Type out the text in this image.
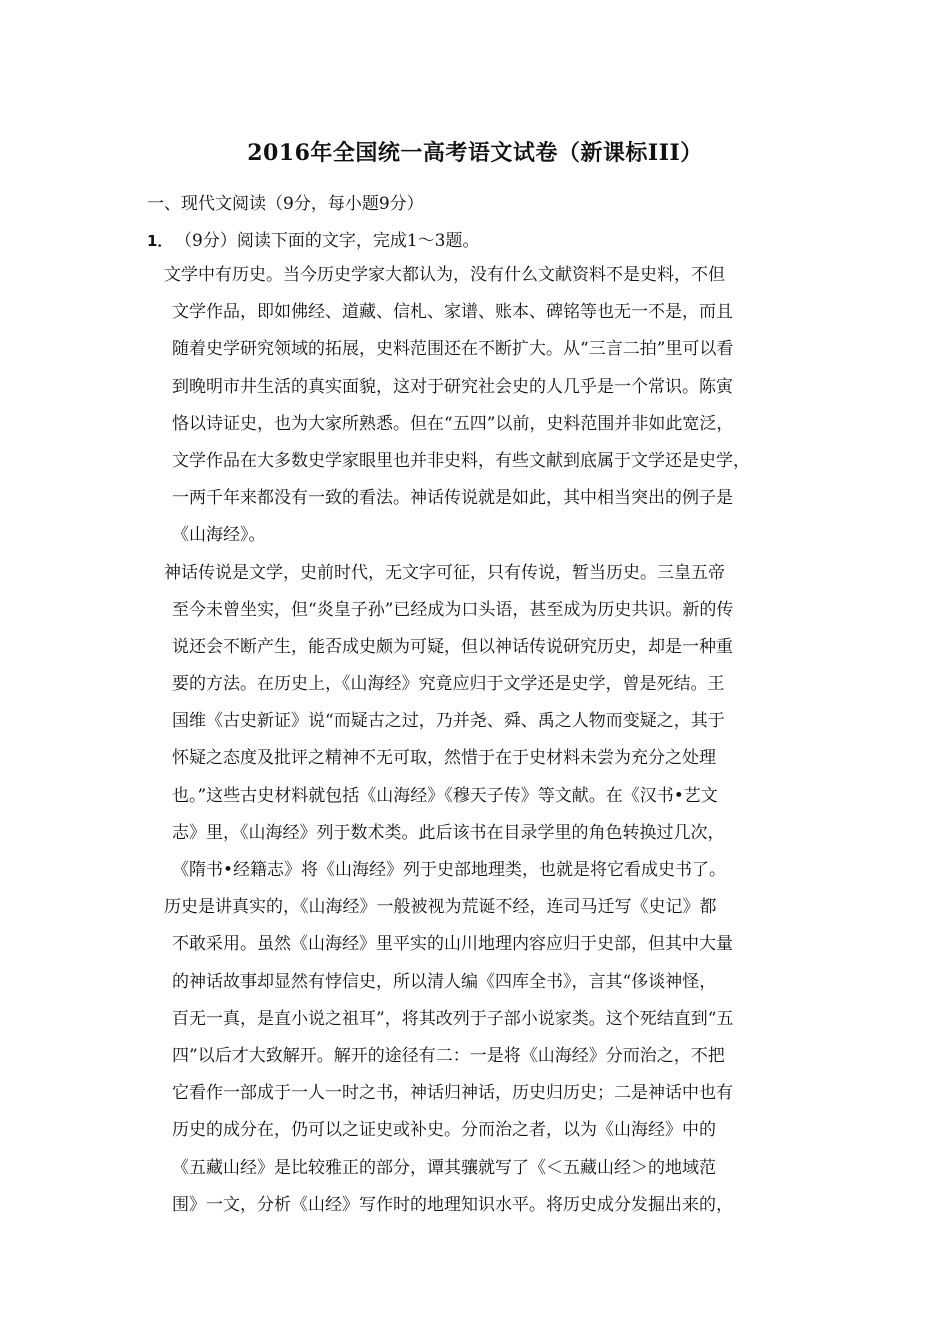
2016年全国统一高考语文试卷（新课标III）
一、现代文阅读（9分，每小题9分）
1． （9分）阅读下面的文字，完成1～3题。
文学中有历史。当今历史学家大都认为，没有什么文献资料不是史料，不但
文学作品，即如佛经、道藏、信札、家谱、账本、碑铭等也无一不是，而且
随着史学研究领域的拓展，史料范围还在不断扩大。从“三言二拍”里可以看
到晚明市井生活的真实面貌，这对于研究社会史的人几乎是一个常识。陈寅
恪以诗证史，也为大家所熟悉。但在“五四”以前，史料范围并非如此宽泛，
文学作品在大多数史学家眼里也并非史料，有些文献到底属于文学还是史学，
一两千年来都没有一致的看法。神话传说就是如此，其中相当突出的例子是
《山海经》。
神话传说是文学，史前时代，无文字可征，只有传说，暂当历史。三皇五帝
至今未曾坐实，但“炎皇子孙”已经成为口头语，甚至成为历史共识。新的传
说还会不断产生，能否成史颇为可疑，但以神话传说研究历史，却是一种重
要的方法。在历史上，《山海经》究竟应归于文学还是史学，曾是死结。王
国维《古史新证》说“而疑古之过，乃并尧、舜、禹之人物而变疑之，其于
怀疑之态度及批评之精神不无可取，然惜于在于史材料未尝为充分之处理
也。”这些古史材料就包括《山海经》《穆天子传》等文献。在《汉书•艺文
志》里，《山海经》列于数术类。此后该书在目录学里的角色转换过几次，
《隋书•经籍志》将《山海经》列于史部地理类，也就是将它看成史书了。
历史是讲真实的，《山海经》一般被视为荒诞不经，连司马迁写《史记》都
不敢采用。虽然《山海经》里平实的山川地理内容应归于史部，但其中大量
的神话故事却显然有悖信史，所以清人编《四库全书》，言其“侈谈神怪，
百无一真，是直小说之祖耳”，将其改列于子部小说家类。这个死结直到“五
四”以后才大致解开。解开的途径有二：一是将《山海经》分而治之，不把
它看作一部成于一人一时之书，神话归神话，历史归历史；二是神话中也有
历史的成分在，仍可以之证史或补史。分而治之者，以为《山海经》中的
《五藏山经》是比较雅正的部分，谭其骧就写了《＜五藏山经＞的地域范
围》一文，分析《山经》写作时的地理知识水平。将历史成分发掘出来的，
